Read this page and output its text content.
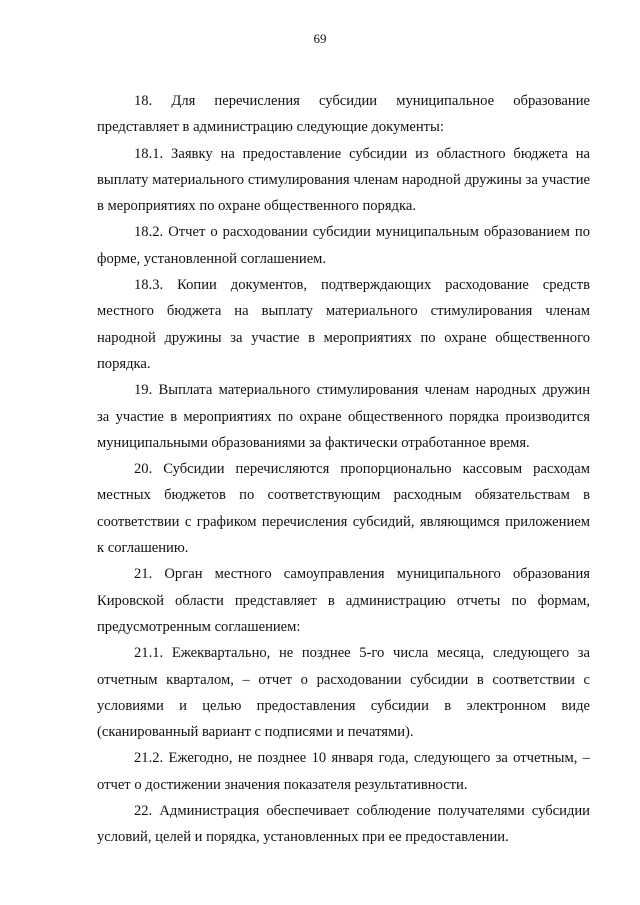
69

18. Для перечисления субсидии муниципальное образование представляет в администрацию следующие документы:

18.1. Заявку на предоставление субсидии из областного бюджета на выплату материального стимулирования членам народной дружины за участие в мероприятиях по охране общественного порядка.

18.2. Отчет о расходовании субсидии муниципальным образованием по форме, установленной соглашением.

18.3. Копии документов, подтверждающих расходование средств местного бюджета на выплату материального стимулирования членам народной дружины за участие в мероприятиях по охране общественного порядка.

19. Выплата материального стимулирования членам народных дружин за участие в мероприятиях по охране общественного порядка производится муниципальными образованиями за фактически отработанное время.

20. Субсидии перечисляются пропорционально кассовым расходам местных бюджетов по соответствующим расходным обязательствам в соответствии с графиком перечисления субсидий, являющимся приложением к соглашению.

21. Орган местного самоуправления муниципального образования Кировской области представляет в администрацию отчеты по формам, предусмотренным соглашением:

21.1. Ежеквартально, не позднее 5-го числа месяца, следующего за отчетным кварталом, – отчет о расходовании субсидии в соответствии с условиями и целью предоставления субсидии в электронном виде (сканированный вариант с подписями и печатями).

21.2. Ежегодно, не позднее 10 января года, следующего за отчетным, – отчет о достижении значения показателя результативности.

22. Администрация обеспечивает соблюдение получателями субсидии условий, целей и порядка, установленных при ее предоставлении.
